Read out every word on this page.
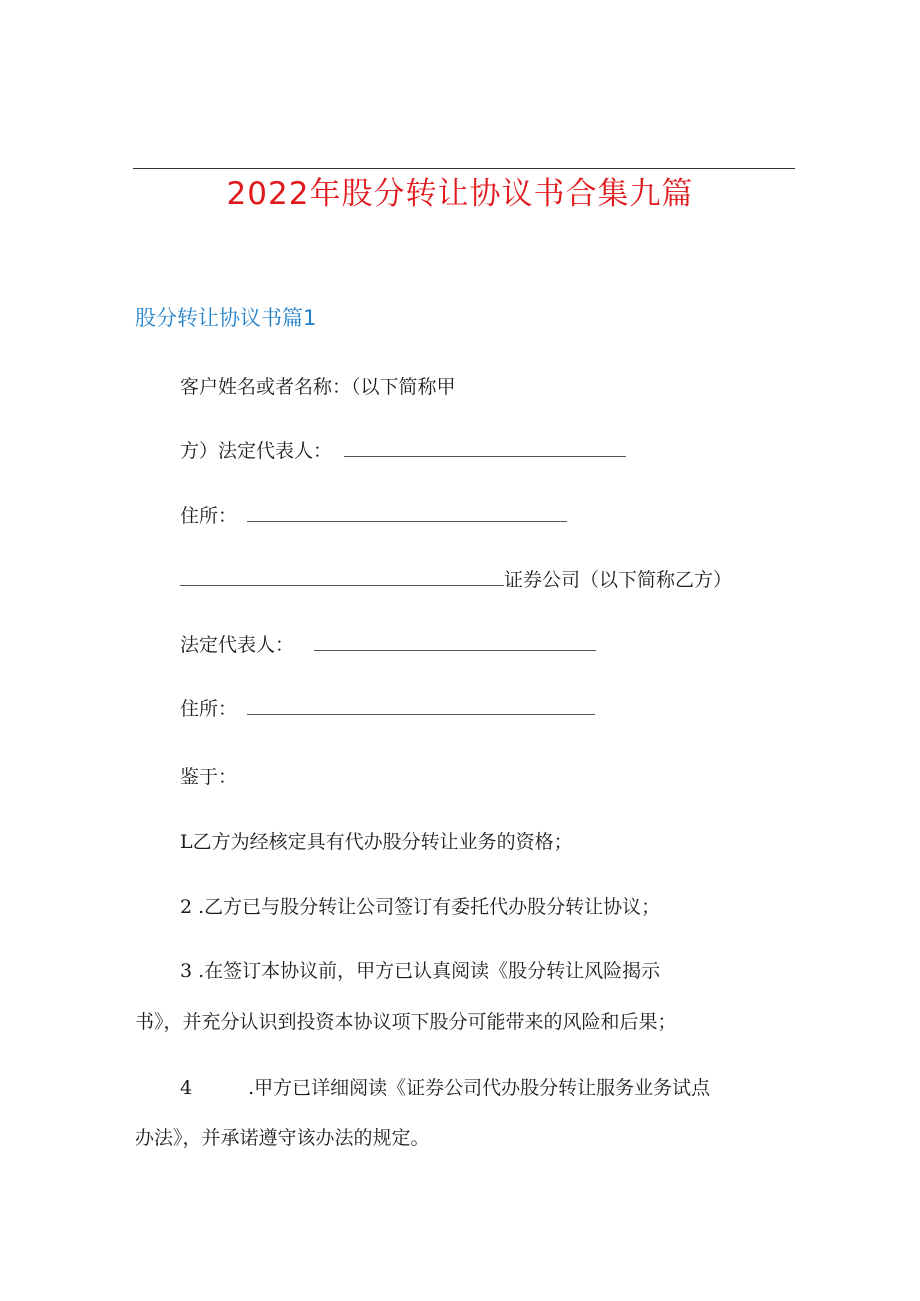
2022年股分转让协议书合集九篇
股分转让协议书篇1
客户姓名或者名称：（以下简称甲
方）法定代表人：
住所：
证券公司（以下简称乙方）
法定代表人：
住所：
鉴于：
L乙方为经核定具有代办股分转让业务的资格；
2 .乙方已与股分转让公司签订有委托代办股分转让协议；
3 .在签订本协议前，甲方已认真阅读《股分转让风险揭示
书》，并充分认识到投资本协议项下股分可能带来的风险和后果；
4	.甲方已详细阅读《证券公司代办股分转让服务业务试点
办法》，并承诺遵守该办法的规定。
